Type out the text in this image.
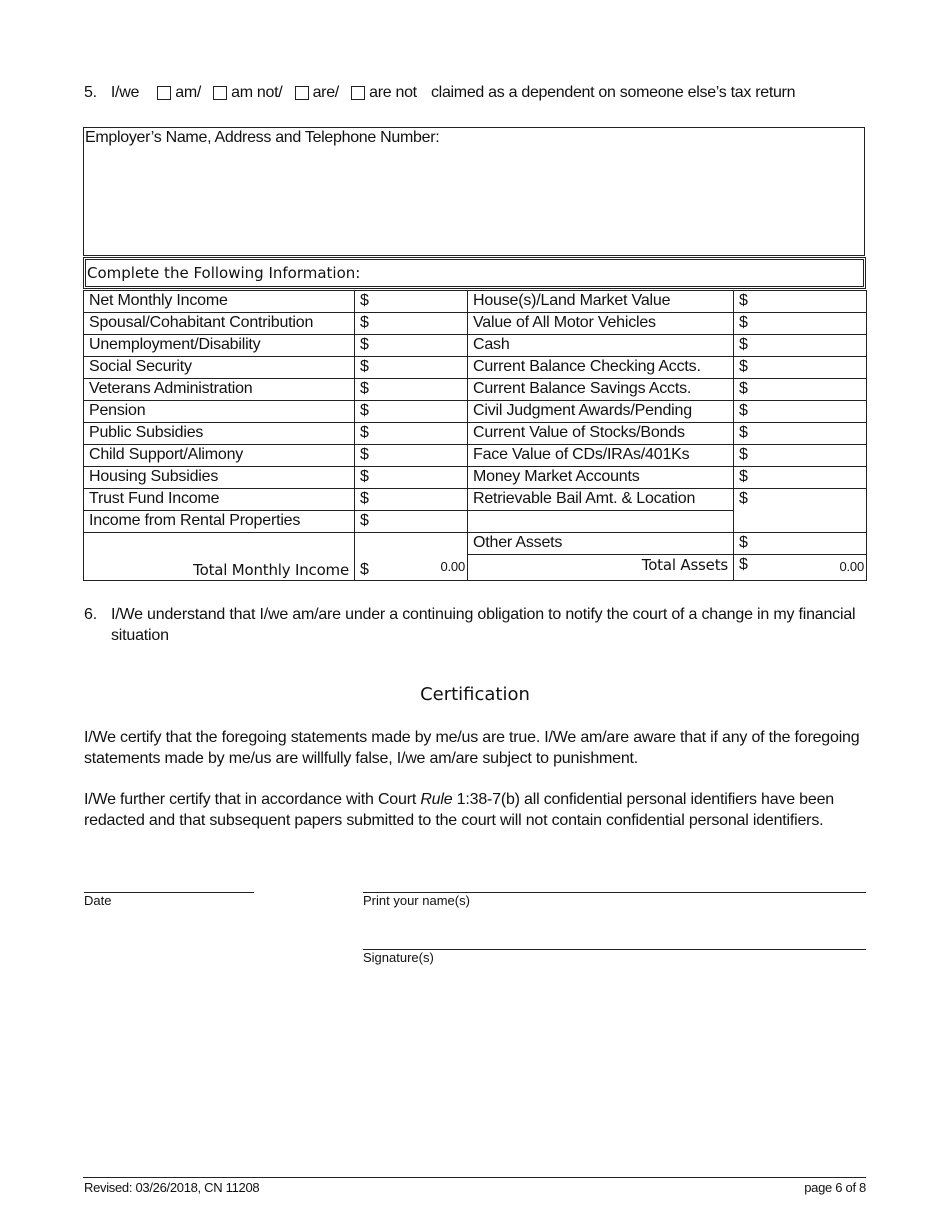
5. I/we am/ am not/ are/ are not claimed as a dependent on someone else’s tax return
Employer’s Name, Address and Telephone Number:
Complete the Following Information:
Net Monthly Income	$	House(s)/Land Market Value	$
Spousal/Cohabitant Contribution	$	Value of All Motor Vehicles	$
Unemployment/Disability	$	Cash	$
Social Security	$	Current Balance Checking Accts.	$
Veterans Administration	$	Current Balance Savings Accts.	$
Pension	$	Civil Judgment Awards/Pending	$
Public Subsidies	$	Current Value of Stocks/Bonds	$
Child Support/Alimony	$	Face Value of CDs/IRAs/401Ks	$
Housing Subsidies	$	Money Market Accounts	$
Trust Fund Income	$	Retrievable Bail Amt. & Location	$
Income from Rental Properties	$		
Total Monthly Income	$ 0.00	Other Assets	$
		Total Assets	$ 0.00
6. I/We understand that I/we am/are under a continuing obligation to notify the court of a change in my financial situation
Certification
I/We certify that the foregoing statements made by me/us are true. I/We am/are aware that if any of the foregoing statements made by me/us are willfully false, I/we am/are subject to punishment.
I/We further certify that in accordance with Court Rule 1:38-7(b) all confidential personal identifiers have been redacted and that subsequent papers submitted to the court will not contain confidential personal identifiers.
Date	Print your name(s)
Signature(s)
Revised: 03/26/2018, CN 11208	page 6 of 8
